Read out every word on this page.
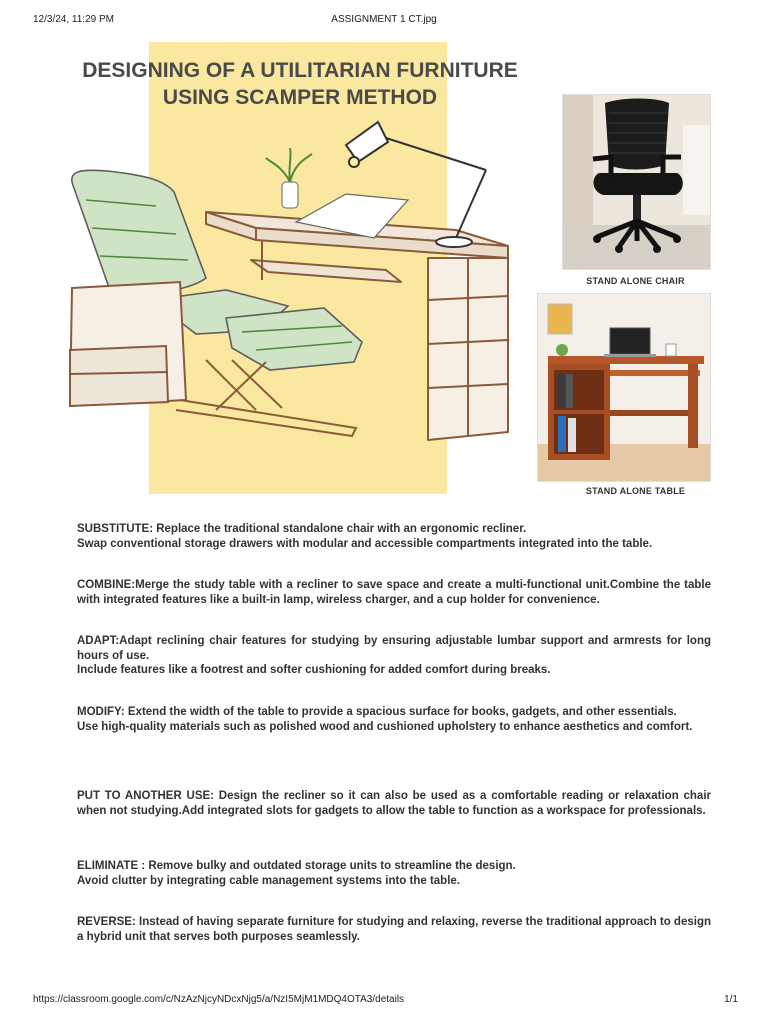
12/3/24, 11:29 PM	ASSIGNMENT 1 CT.jpg
DESIGNING OF A UTILITARIAN FURNITURE
USING SCAMPER METHOD
STAND ALONE CHAIR
STAND ALONE TABLE

SUBSTITUTE: Replace the traditional standalone chair with an ergonomic recliner.

Swap conventional storage drawers with modular and accessible compartments integrated into the table.

COMBINE:Merge the study table with a recliner to save space and create a multi-functional unit.Combine the table with integrated features like a built-in lamp, wireless charger, and a cup holder for convenience.

ADAPT:Adapt reclining chair features for studying by ensuring adjustable lumbar support and armrests for long hours of use.

Include features like a footrest and softer cushioning for added comfort during breaks.

MODIFY: Extend the width of the table to provide a spacious surface for books, gadgets, and other essentials.

Use high-quality materials such as polished wood and cushioned upholstery to enhance aesthetics and comfort.

PUT TO ANOTHER USE: Design the recliner so it can also be used as a comfortable reading or relaxation chair when not studying.Add integrated slots for gadgets to allow the table to function as a workspace for professionals.

ELIMINATE : Remove bulky and outdated storage units to streamline the design.

Avoid clutter by integrating cable management systems into the table.

REVERSE: Instead of having separate furniture for studying and relaxing, reverse the traditional approach to design a hybrid unit that serves both purposes seamlessly.

https://classroom.google.com/c/NzAzNjcyNDcxNjg5/a/NzI5MjM1MDQ4OTA3/details	1/1
